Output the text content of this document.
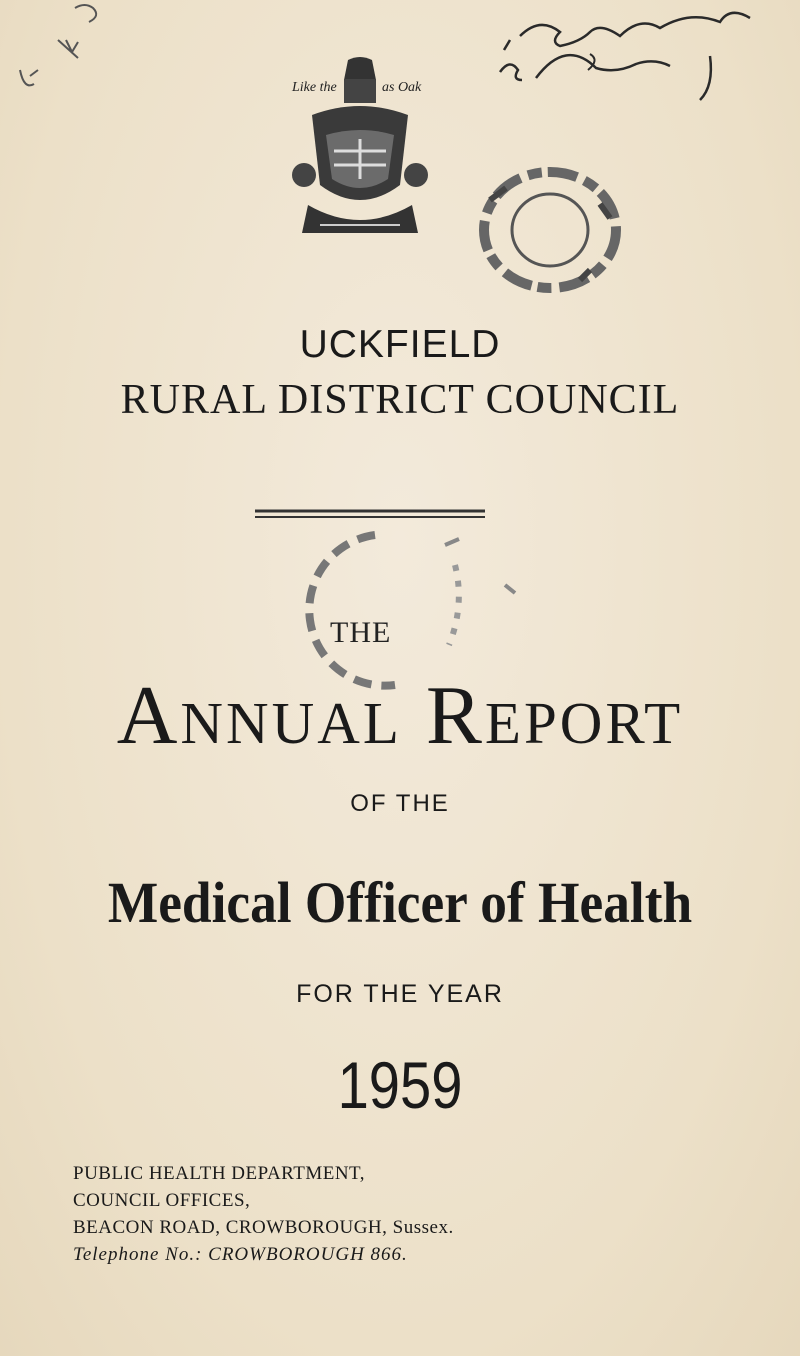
Like the	as Oak
UCKFIELD
RURAL DISTRICT COUNCIL
THE
Annual Report
OF THE
Medical Officer of Health
FOR THE YEAR
1959
PUBLIC HEALTH DEPARTMENT,
COUNCIL OFFICES,
BEACON ROAD, CROWBOROUGH, Sussex.
Telephone No.: CROWBOROUGH 866.
